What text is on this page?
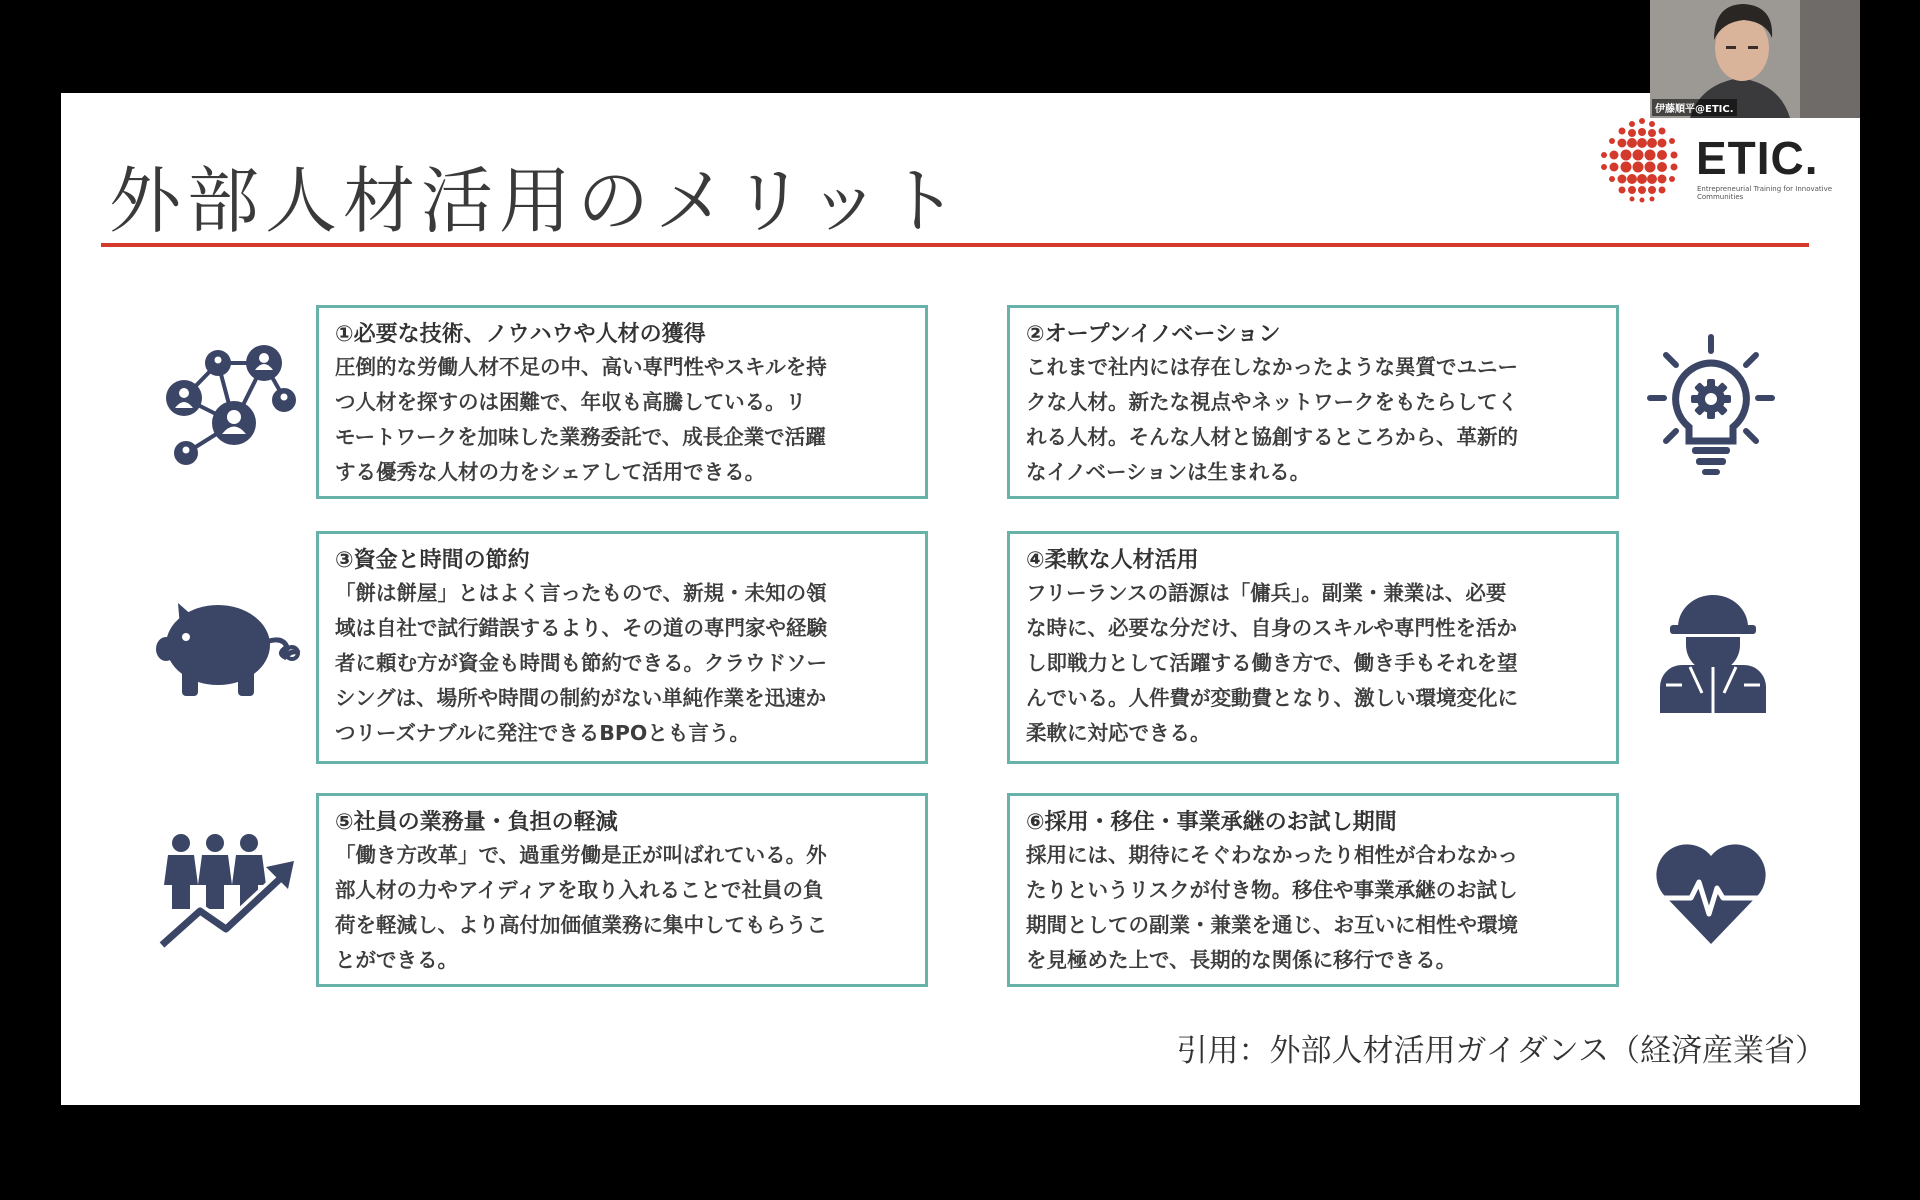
外部人材活用のメリット
ETIC.
Entrepreneurial Training for Innovative Communities
①必要な技術、ノウハウや人材の獲得
圧倒的な労働人材不足の中、高い専門性やスキルを持
つ人材を探すのは困難で、年収も高騰している。リ
モートワークを加味した業務委託で、成長企業で活躍
する優秀な人材の力をシェアして活用できる。
②オープンイノベーション
これまで社内には存在しなかったような異質でユニー
クな人材。新たな視点やネットワークをもたらしてく
れる人材。そんな人材と協創するところから、革新的
なイノベーションは生まれる。
③資金と時間の節約
「餅は餅屋」とはよく言ったもので、新規・未知の領
域は自社で試行錯誤するより、その道の専門家や経験
者に頼む方が資金も時間も節約できる。クラウドソー
シングは、場所や時間の制約がない単純作業を迅速か
つリーズナブルに発注できるBPOとも言う。
④柔軟な人材活用
フリーランスの語源は「傭兵」。副業・兼業は、必要
な時に、必要な分だけ、自身のスキルや専門性を活か
し即戦力として活躍する働き方で、働き手もそれを望
んでいる。人件費が変動費となり、激しい環境変化に
柔軟に対応できる。
⑤社員の業務量・負担の軽減
「働き方改革」で、過重労働是正が叫ばれている。外
部人材の力やアイディアを取り入れることで社員の負
荷を軽減し、より高付加価値業務に集中してもらうこ
とができる。
⑥採用・移住・事業承継のお試し期間
採用には、期待にそぐわなかったり相性が合わなかっ
たりというリスクが付き物。移住や事業承継のお試し
期間としての副業・兼業を通じ、お互いに相性や環境
を見極めた上で、長期的な関係に移行できる。
引用：外部人材活用ガイダンス（経済産業省）
伊藤順平@ETIC.
